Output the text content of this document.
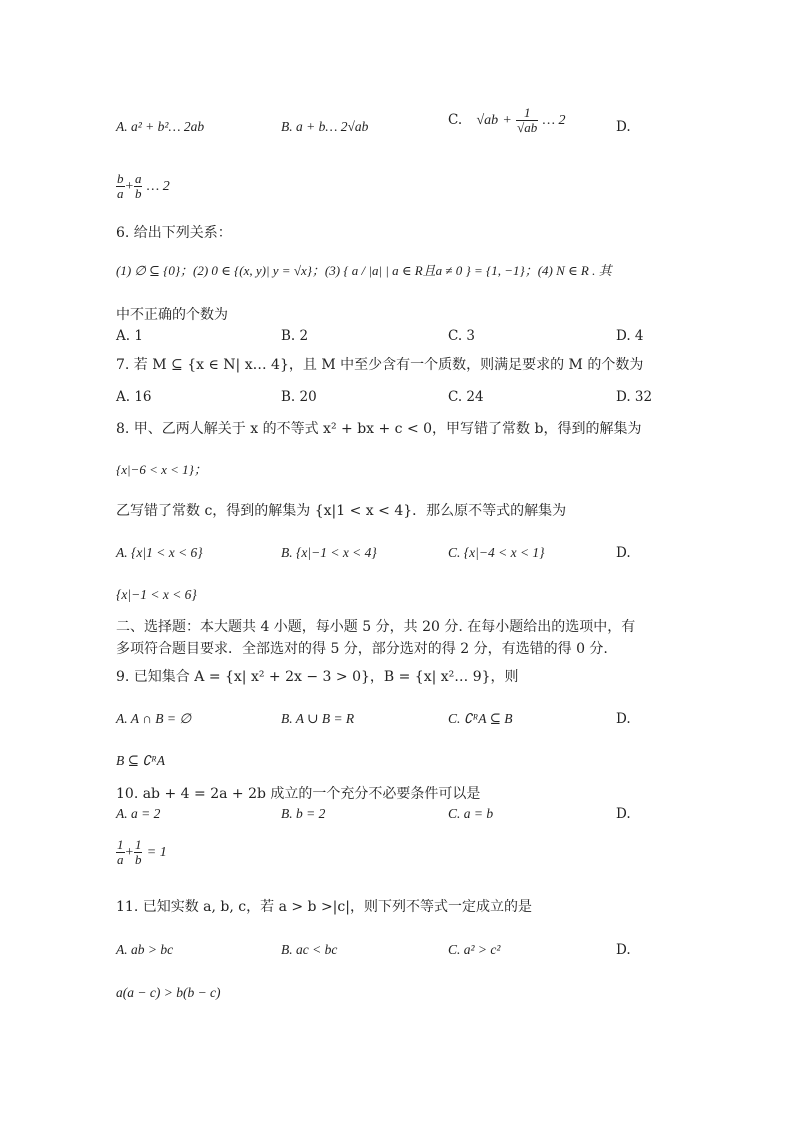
A. a² + b²… 2ab	B. a + b… 2√ab	C. $√ab + \frac{1}{√ab}$ … 2	D.
$\frac{b}{a} + \frac{a}{b}$ … 2
6. 给出下列关系：
(1) ∅ ⊆ {0}；(2) 0 ∈ {(x, y)| y = √x}；(3) { a / |a| | a ∈ R且a ≠ 0 } = {1, −1}；(4) N ∈ R . 其
中不正确的个数为
A. 1	B. 2	C. 3	D. 4
7. 若 M ⊆ {x ∈ N| x… 4}，且 M 中至少含有一个质数，则满足要求的 M 的个数为
A. 16	B. 20	C. 24	D. 32
8. 甲、乙两人解关于 x 的不等式 x² + bx + c < 0，甲写错了常数 b，得到的解集为
{x|−6 < x < 1}；
乙写错了常数 c，得到的解集为 {x|1 < x < 4}．那么原不等式的解集为
A. {x|1 < x < 6}	B. {x|−1 < x < 4}	C. {x|−4 < x < 1}	D.
{x|−1 < x < 6}
二、选择题：本大题共 4 小题，每小题 5 分，共 20 分. 在每小题给出的选项中，有
多项符合题目要求．全部选对的得 5 分，部分选对的得 2 分，有选错的得 0 分.
9. 已知集合 A = {x| x² + 2x − 3 > 0}，B = {x| x²… 9}，则
A. A ∩ B = ∅	B. A ∪ B = R	C. ∁ᴿA ⊆ B	D.
B ⊆ ∁ᴿA
10. ab + 4 = 2a + 2b 成立的一个充分不必要条件可以是
A. a = 2	B. b = 2	C. a = b	D.
$\frac{1}{a} + \frac{1}{b} = 1$
11. 已知实数 a, b, c，若 a > b >|c|，则下列不等式一定成立的是
A. ab > bc	B. ac < bc	C. a² > c²	D.
a(a − c) > b(b − c)
